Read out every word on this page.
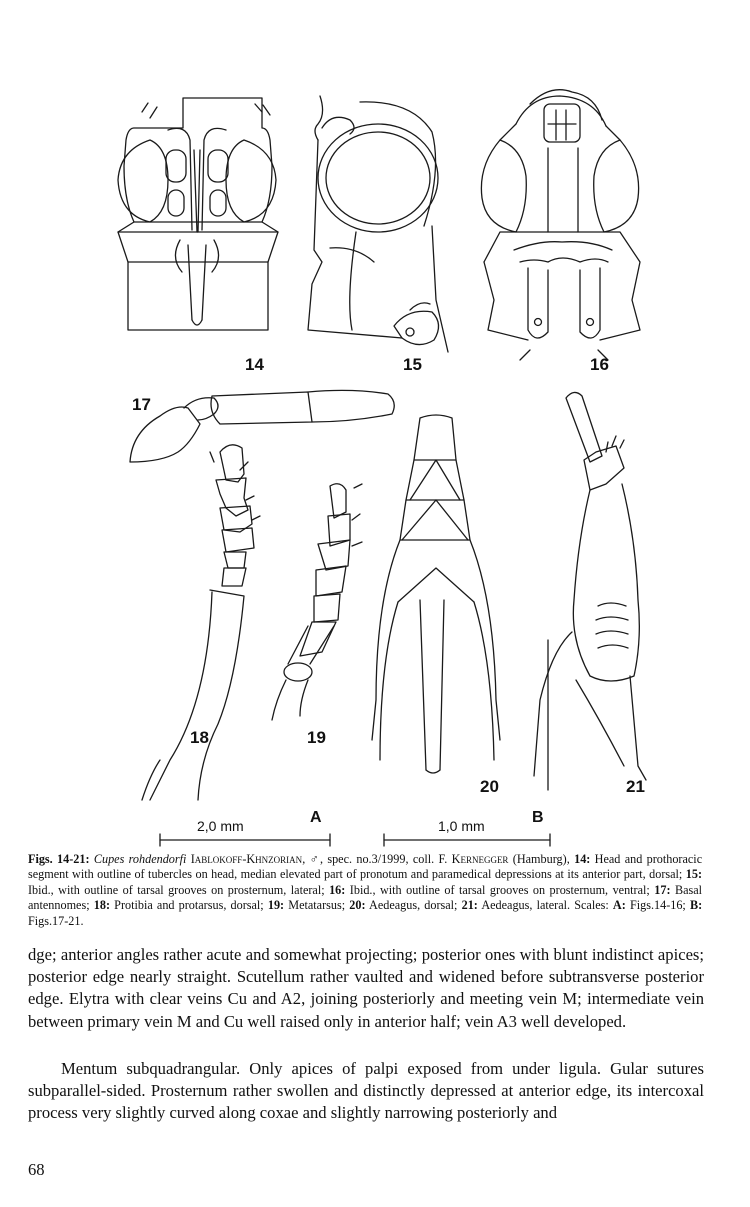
14	15	16
17
18	19
20	21
2,0 mm	A	1,0 mm	B
Figs. 14-21: Cupes rohdendorfi Iablokoff-Khnzorian, ♂, spec. no.3/1999, coll. F. Kernegger (Hamburg), 14: Head and prothoracic segment with outline of tubercles on head, median elevated part of pronotum and paramedical depressions at its anterior part, dorsal; 15: Ibid., with outline of tarsal grooves on prosternum, lateral; 16: Ibid., with outline of tarsal grooves on prosternum, ventral; 17: Basal antennomes; 18: Protibia and protarsus, dorsal; 19: Metatarsus; 20: Aedeagus, dorsal; 21: Aedeagus, lateral. Scales: A: Figs.14-16; B: Figs.17-21.

dge; anterior angles rather acute and somewhat projecting; posterior ones with blunt indistinct apices; posterior edge nearly straight. Scutellum rather vaulted and widened before subtransverse posterior edge. Elytra with clear veins Cu and A2, joining posteriorly and meeting vein M; intermediate vein between primary vein M and Cu well raised only in anterior half; vein A3 well developed.

Mentum subquadrangular. Only apices of palpi exposed from under ligula. Gular sutures subparallel-sided. Prosternum rather swollen and distinctly depressed at anterior edge, its intercoxal process very slightly curved along coxae and slightly narrowing posteriorly and

68
